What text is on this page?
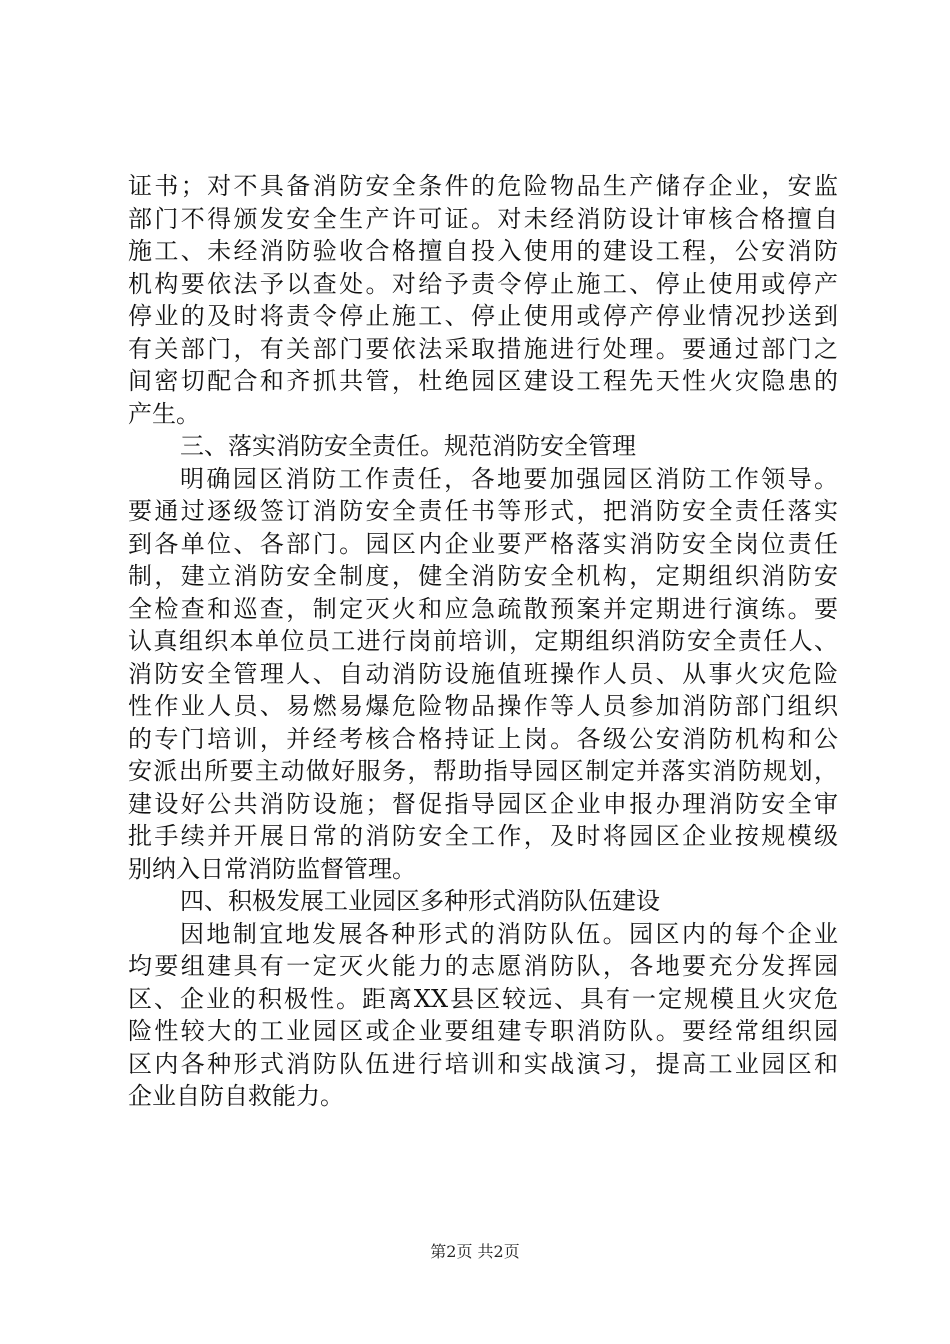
证书；对不具备消防安全条件的危险物品生产储存企业，安监
部门不得颁发安全生产许可证。对未经消防设计审核合格擅自
施工、未经消防验收合格擅自投入使用的建设工程，公安消防
机构要依法予以查处。对给予责令停止施工、停止使用或停产
停业的及时将责令停止施工、停止使用或停产停业情况抄送到
有关部门，有关部门要依法采取措施进行处理。要通过部门之
间密切配合和齐抓共管，杜绝园区建设工程先天性火灾隐患的
产生。
三、落实消防安全责任。规范消防安全管理
明确园区消防工作责任，各地要加强园区消防工作领导。
要通过逐级签订消防安全责任书等形式，把消防安全责任落实
到各单位、各部门。园区内企业要严格落实消防安全岗位责任
制，建立消防安全制度，健全消防安全机构，定期组织消防安
全检查和巡查，制定灭火和应急疏散预案并定期进行演练。要
认真组织本单位员工进行岗前培训，定期组织消防安全责任人、
消防安全管理人、自动消防设施值班操作人员、从事火灾危险
性作业人员、易燃易爆危险物品操作等人员参加消防部门组织
的专门培训，并经考核合格持证上岗。各级公安消防机构和公
安派出所要主动做好服务，帮助指导园区制定并落实消防规划，
建设好公共消防设施；督促指导园区企业申报办理消防安全审
批手续并开展日常的消防安全工作，及时将园区企业按规模级
别纳入日常消防监督管理。
四、积极发展工业园区多种形式消防队伍建设
因地制宜地发展各种形式的消防队伍。园区内的每个企业
均要组建具有一定灭火能力的志愿消防队，各地要充分发挥园
区、企业的积极性。距离XX县区较远、具有一定规模且火灾危
险性较大的工业园区或企业要组建专职消防队。要经常组织园
区内各种形式消防队伍进行培训和实战演习，提高工业园区和
企业自防自救能力。
第2页 共2页
